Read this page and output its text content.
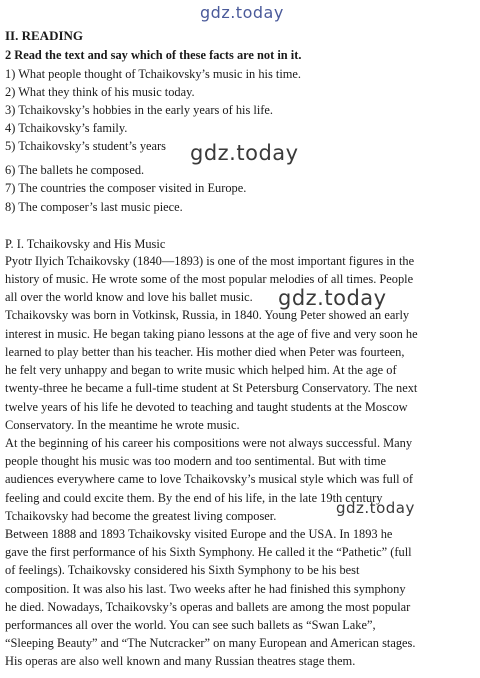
gdz.today
II. READING
2 Read the text and say which of these facts are not in it.
1) What people thought of Tchaikovsky’s music in his time.
2) What they think of his music today.
3) Tchaikovsky’s hobbies in the early years of his life.
4) Tchaikovsky’s family.
5) Tchaikovsky’s student’s years gdz.today
6) The ballets he composed.
7) The countries the composer visited in Europe.
8) The composer’s last music piece.
P. I. Tchaikovsky and His Music
Pyotr Ilyich Tchaikovsky (1840—1893) is one of the most important figures in the
history of music. He wrote some of the most popular melodies of all times. People
all over the world know and love his ballet music. gdz.today
Tchaikovsky was born in Votkinsk, Russia, in 1840. Young Peter showed an early
interest in music. He began taking piano lessons at the age of five and very soon he
learned to play better than his teacher. His mother died when Peter was fourteen,
he felt very unhappy and began to write music which helped him. At the age of
twenty-three he became a full-time student at St Petersburg Conservatory. The next
twelve years of his life he devoted to teaching and taught students at the Moscow
Conservatory. In the meantime he wrote music.
At the beginning of his career his compositions were not always successful. Many
people thought his music was too modern and too sentimental. But with time
audiences everywhere came to love Tchaikovsky’s musical style which was full of
feeling and could excite them. By the end of his life, in the late 19th century
Tchaikovsky had become the greatest living composer.	gdz.today
Between 1888 and 1893 Tchaikovsky visited Europe and the USA. In 1893 he
gave the first performance of his Sixth Symphony. He called it the “Pathetic” (full
of feelings). Tchaikovsky considered his Sixth Symphony to be his best
composition. It was also his last. Two weeks after he had finished this symphony
he died. Nowadays, Tchaikovsky’s operas and ballets are among the most popular
performances all over the world. You can see such ballets as “Swan Lake”,
“Sleeping Beauty” and “The Nutcracker” on many European and American stages.
His operas are also well known and many Russian theatres stage them.
